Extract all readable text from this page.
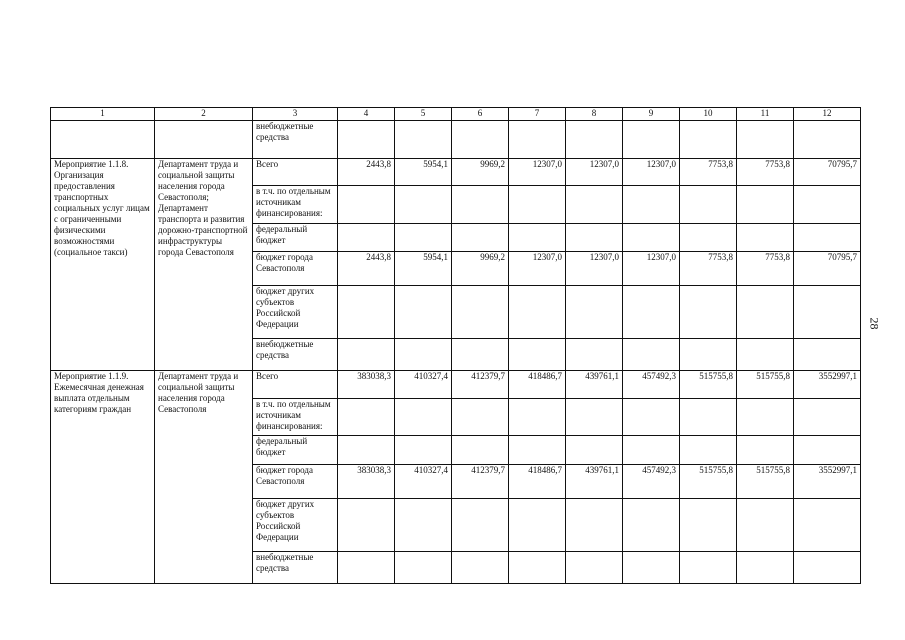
1	2	3	4	5	6	7	8	9	10	11	12
		внебюджетные средства									
Мероприятие 1.1.8. Организация предоставления транспортных социальных услуг лицам с ограниченными физическими возможностями (социальное такси)	Департамент труда и социальной защиты населения города Севастополя; Департамент транспорта и развития дорожно-транспортной инфраструктуры города Севастополя	Всего	2443,8	5954,1	9969,2	12307,0	12307,0	12307,0	7753,8	7753,8	70795,7
		в т.ч. по отдельным источникам финансирования:									
		федеральный бюджет									
		бюджет города Севастополя	2443,8	5954,1	9969,2	12307,0	12307,0	12307,0	7753,8	7753,8	70795,7
		бюджет других субъектов Российской Федерации									
		внебюджетные средства									
Мероприятие 1.1.9. Ежемесячная денежная выплата отдельным категориям граждан	Департамент труда и социальной защиты населения города Севастополя	Всего	383038,3	410327,4	412379,7	418486,7	439761,1	457492,3	515755,8	515755,8	3552997,1
		в т.ч. по отдельным источникам финансирования:									
		федеральный бюджет									
		бюджет города Севастополя	383038,3	410327,4	412379,7	418486,7	439761,1	457492,3	515755,8	515755,8	3552997,1
		бюджет других субъектов Российской Федерации									
		внебюджетные средства									
28
